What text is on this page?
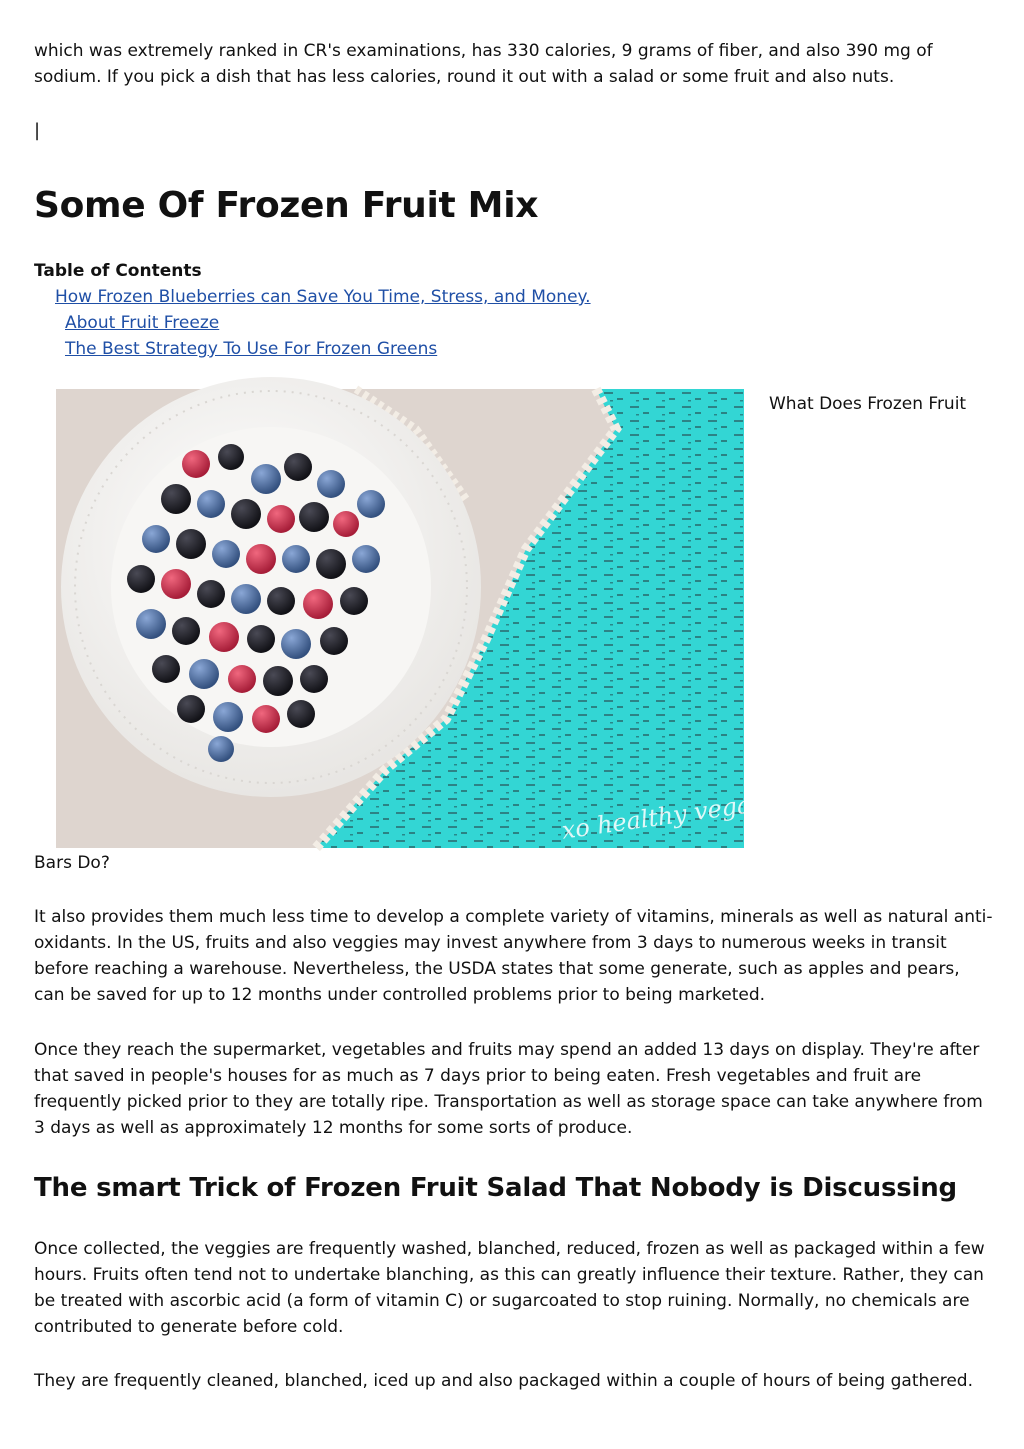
which was extremely ranked in CR's examinations, has 330 calories, 9 grams of fiber, and also 390 mg of sodium. If you pick a dish that has less calories, round it out with a salad or some fruit and also nuts.

|
Some Of Frozen Fruit Mix
Table of Contents
How Frozen Blueberries can Save You Time, Stress, and Money.
About Fruit Freeze
The Best Strategy To Use For Frozen Greens
xo healthy vegan
What Does Frozen Fruit
Bars Do?

It also provides them much less time to develop a complete variety of vitamins, minerals as well as natural anti-oxidants. In the US, fruits and also veggies may invest anywhere from 3 days to numerous weeks in transit before reaching a warehouse. Nevertheless, the USDA states that some generate, such as apples and pears, can be saved for up to 12 months under controlled problems prior to being marketed.

Once they reach the supermarket, vegetables and fruits may spend an added 13 days on display. They're after that saved in people's houses for as much as 7 days prior to being eaten. Fresh vegetables and fruit are frequently picked prior to they are totally ripe. Transportation as well as storage space can take anywhere from 3 days as well as approximately 12 months for some sorts of produce.

The smart Trick of Frozen Fruit Salad That Nobody is Discussing

Once collected, the veggies are frequently washed, blanched, reduced, frozen as well as packaged within a few hours. Fruits often tend not to undertake blanching, as this can greatly influence their texture. Rather, they can be treated with ascorbic acid (a form of vitamin C) or sugarcoated to stop ruining. Normally, no chemicals are contributed to generate before cold.

They are frequently cleaned, blanched, iced up and also packaged within a couple of hours of being gathered.
